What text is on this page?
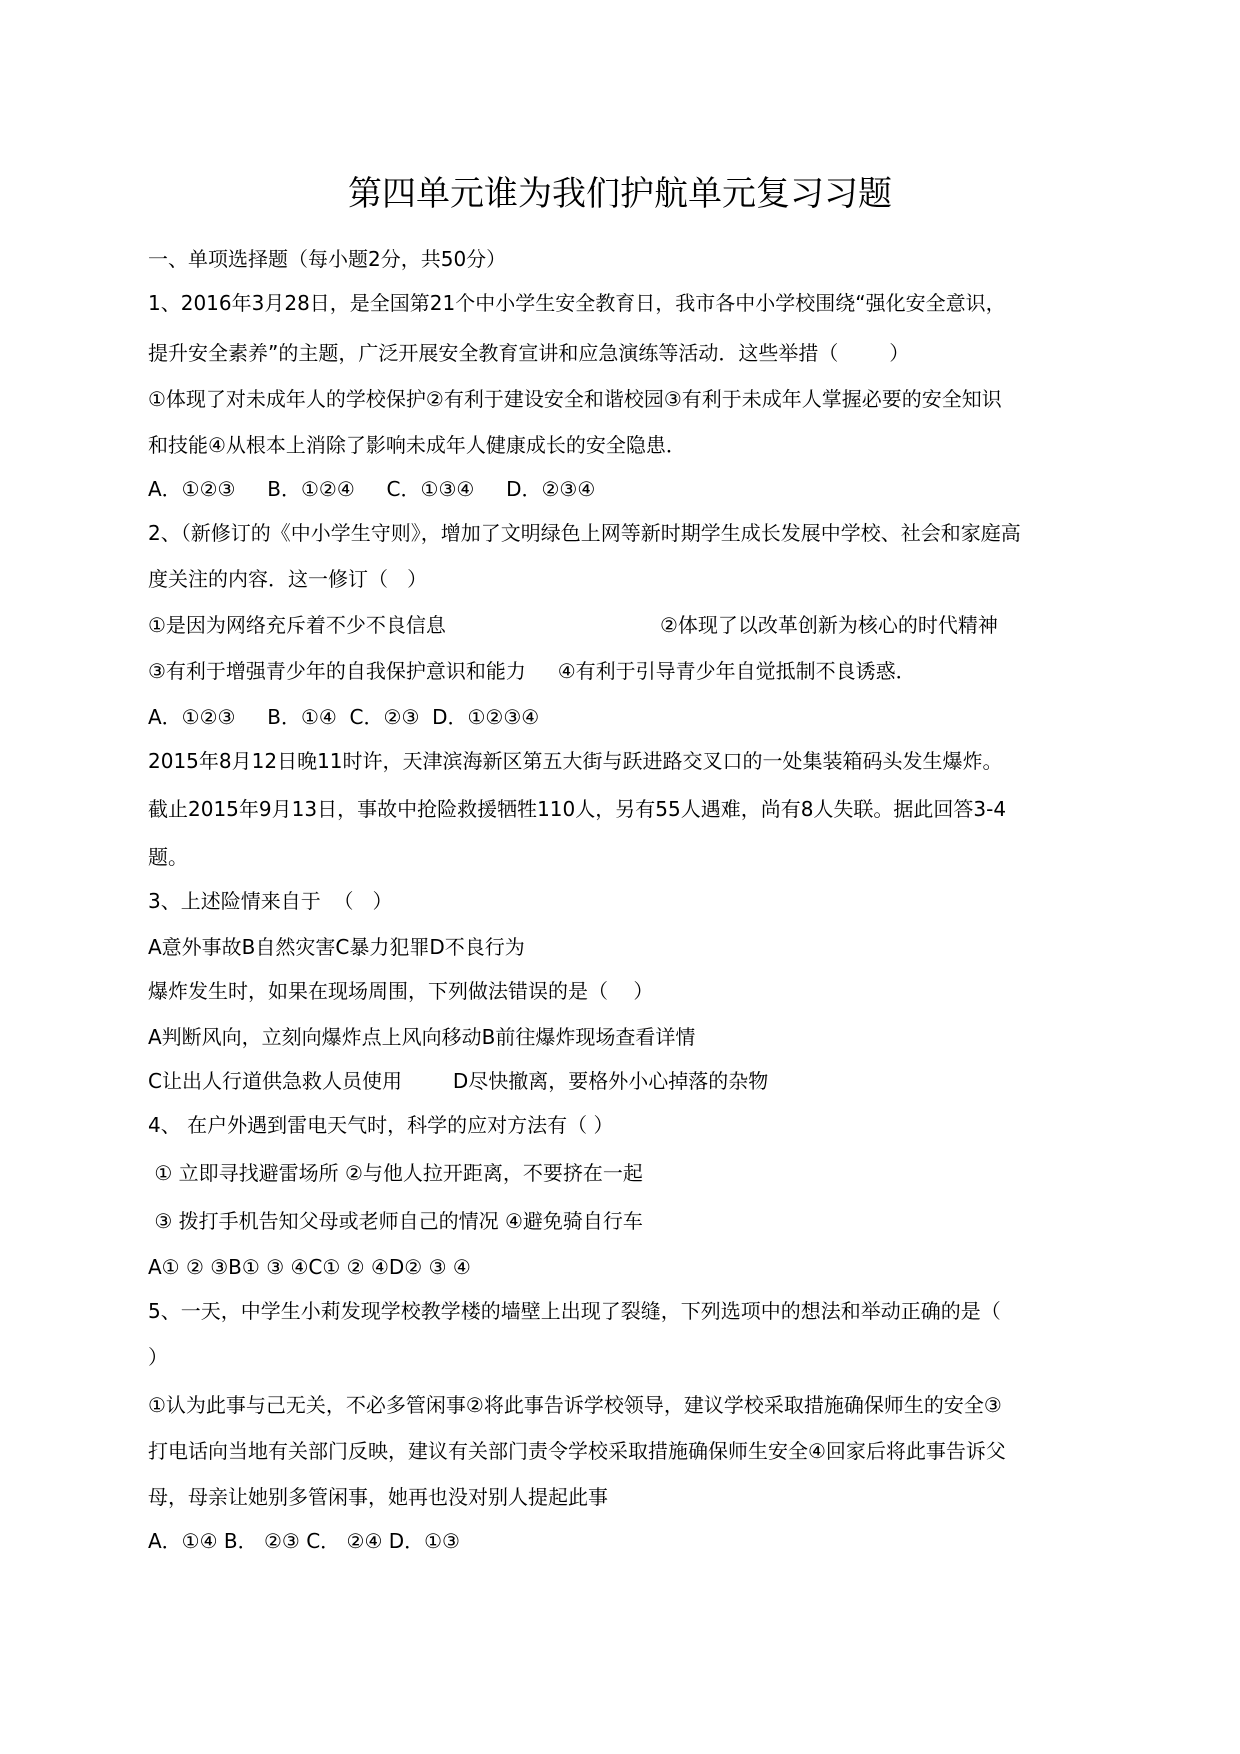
第四单元谁为我们护航单元复习习题
一、单项选择题（每小题2分，共50分）
1、2016年3月28日，是全国第21个中小学生安全教育日，我市各中小学校围绕“强化安全意识，
提升安全素养”的主题，广泛开展安全教育宣讲和应急演练等活动．这些举措（        ）
①体现了对未成年人的学校保护②有利于建设安全和谐校园③有利于未成年人掌握必要的安全知识
和技能④从根本上消除了影响未成年人健康成长的安全隐患．
A．①②③     B．①②④     C．①③④     D．②③④
2、（新修订的《中小学生守则》，增加了文明绿色上网等新时期学生成长发展中学校、社会和家庭高
度关注的内容．这一修订（   ）
①是因为网络充斥着不少不良信息	②体现了以改革创新为核心的时代精神
③有利于增强青少年的自我保护意识和能力     ④有利于引导青少年自觉抵制不良诱惑．
A．①②③     B．①④  C．②③  D．①②③④
2015年8月12日晚11时许，天津滨海新区第五大街与跃进路交叉口的一处集装箱码头发生爆炸。
截止2015年9月13日，事故中抢险救援牺牲110人，另有55人遇难，尚有8人失联。据此回答3-4
题。
3、上述险情来自于  （   ）
A意外事故B自然灾害C暴力犯罪D不良行为
爆炸发生时，如果在现场周围，下列做法错误的是（    ）
A判断风向，立刻向爆炸点上风向移动B前往爆炸现场查看详情
C让出人行道供急救人员使用        D尽快撤离，要格外小心掉落的杂物
4、 在户外遇到雷电天气时，科学的应对方法有（ ）
① 立即寻找避雷场所 ②与他人拉开距离，不要挤在一起
③ 拨打手机告知父母或老师自己的情况 ④避免骑自行车
A① ② ③B① ③ ④C① ② ④D② ③ ④
5、一天，中学生小莉发现学校教学楼的墙壁上出现了裂缝，下列选项中的想法和举动正确的是（
）
①认为此事与己无关，不必多管闲事②将此事告诉学校领导，建议学校采取措施确保师生的安全③
打电话向当地有关部门反映，建议有关部门责令学校采取措施确保师生安全④回家后将此事告诉父
母，母亲让她别多管闲事，她再也没对别人提起此事
A．①④ B． ②③ C． ②④ D．①③
